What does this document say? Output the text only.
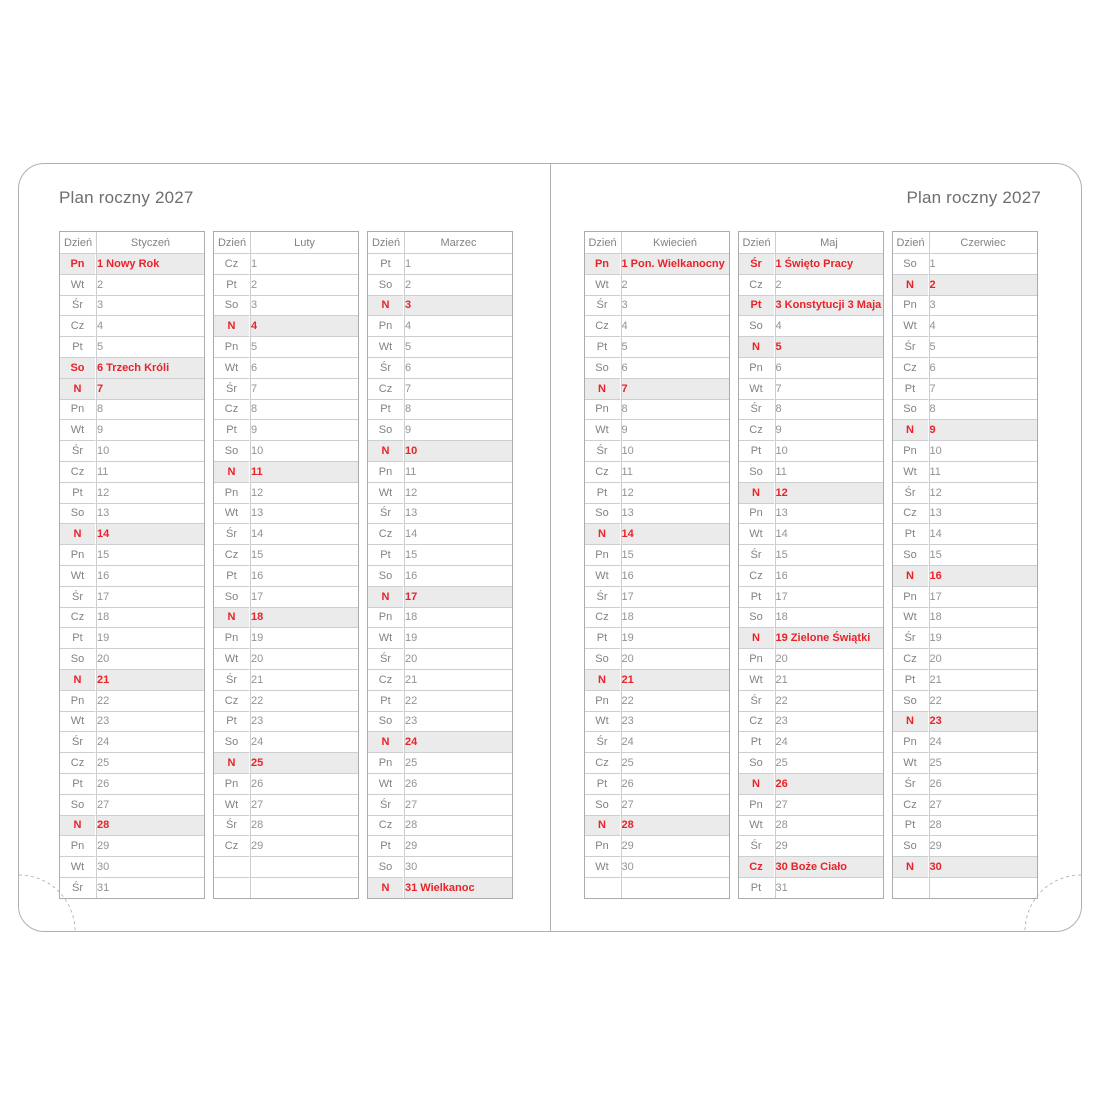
Plan roczny 2027
Dzień	Styczeń
Pn	1 Nowy Rok
Wt	2
Śr	3
Cz	4
Pt	5
So	6 Trzech Króli
N	7
Pn	8
Wt	9
Śr	10
Cz	11
Pt	12
So	13
N	14
Pn	15
Wt	16
Śr	17
Cz	18
Pt	19
So	20
N	21
Pn	22
Wt	23
Śr	24
Cz	25
Pt	26
So	27
N	28
Pn	29
Wt	30
Śr	31
Dzień	Luty
Cz	1
Pt	2
So	3
N	4
Pn	5
Wt	6
Śr	7
Cz	8
Pt	9
So	10
N	11
Pn	12
Wt	13
Śr	14
Cz	15
Pt	16
So	17
N	18
Pn	19
Wt	20
Śr	21
Cz	22
Pt	23
So	24
N	25
Pn	26
Wt	27
Śr	28
Cz	29

Dzień	Marzec
Pt	1
So	2
N	3
Pn	4
Wt	5
Śr	6
Cz	7
Pt	8
So	9
N	10
Pn	11
Wt	12
Śr	13
Cz	14
Pt	15
So	16
N	17
Pn	18
Wt	19
Śr	20
Cz	21
Pt	22
So	23
N	24
Pn	25
Wt	26
Śr	27
Cz	28
Pt	29
So	30
N	31 Wielkanoc
Plan roczny 2027
Dzień	Kwiecień
Pn	1 Pon. Wielkanocny
Wt	2
Śr	3
Cz	4
Pt	5
So	6
N	7
Pn	8
Wt	9
Śr	10
Cz	11
Pt	12
So	13
N	14
Pn	15
Wt	16
Śr	17
Cz	18
Pt	19
So	20
N	21
Pn	22
Wt	23
Śr	24
Cz	25
Pt	26
So	27
N	28
Pn	29
Wt	30

Dzień	Maj
Śr	1 Święto Pracy
Cz	2
Pt	3 Konstytucji 3 Maja
So	4
N	5
Pn	6
Wt	7
Śr	8
Cz	9
Pt	10
So	11
N	12
Pn	13
Wt	14
Śr	15
Cz	16
Pt	17
So	18
N	19 Zielone Świątki
Pn	20
Wt	21
Śr	22
Cz	23
Pt	24
So	25
N	26
Pn	27
Wt	28
Śr	29
Cz	30 Boże Ciało
Pt	31
Dzień	Czerwiec
So	1
N	2
Pn	3
Wt	4
Śr	5
Cz	6
Pt	7
So	8
N	9
Pn	10
Wt	11
Śr	12
Cz	13
Pt	14
So	15
N	16
Pn	17
Wt	18
Śr	19
Cz	20
Pt	21
So	22
N	23
Pn	24
Wt	25
Śr	26
Cz	27
Pt	28
So	29
N	30
